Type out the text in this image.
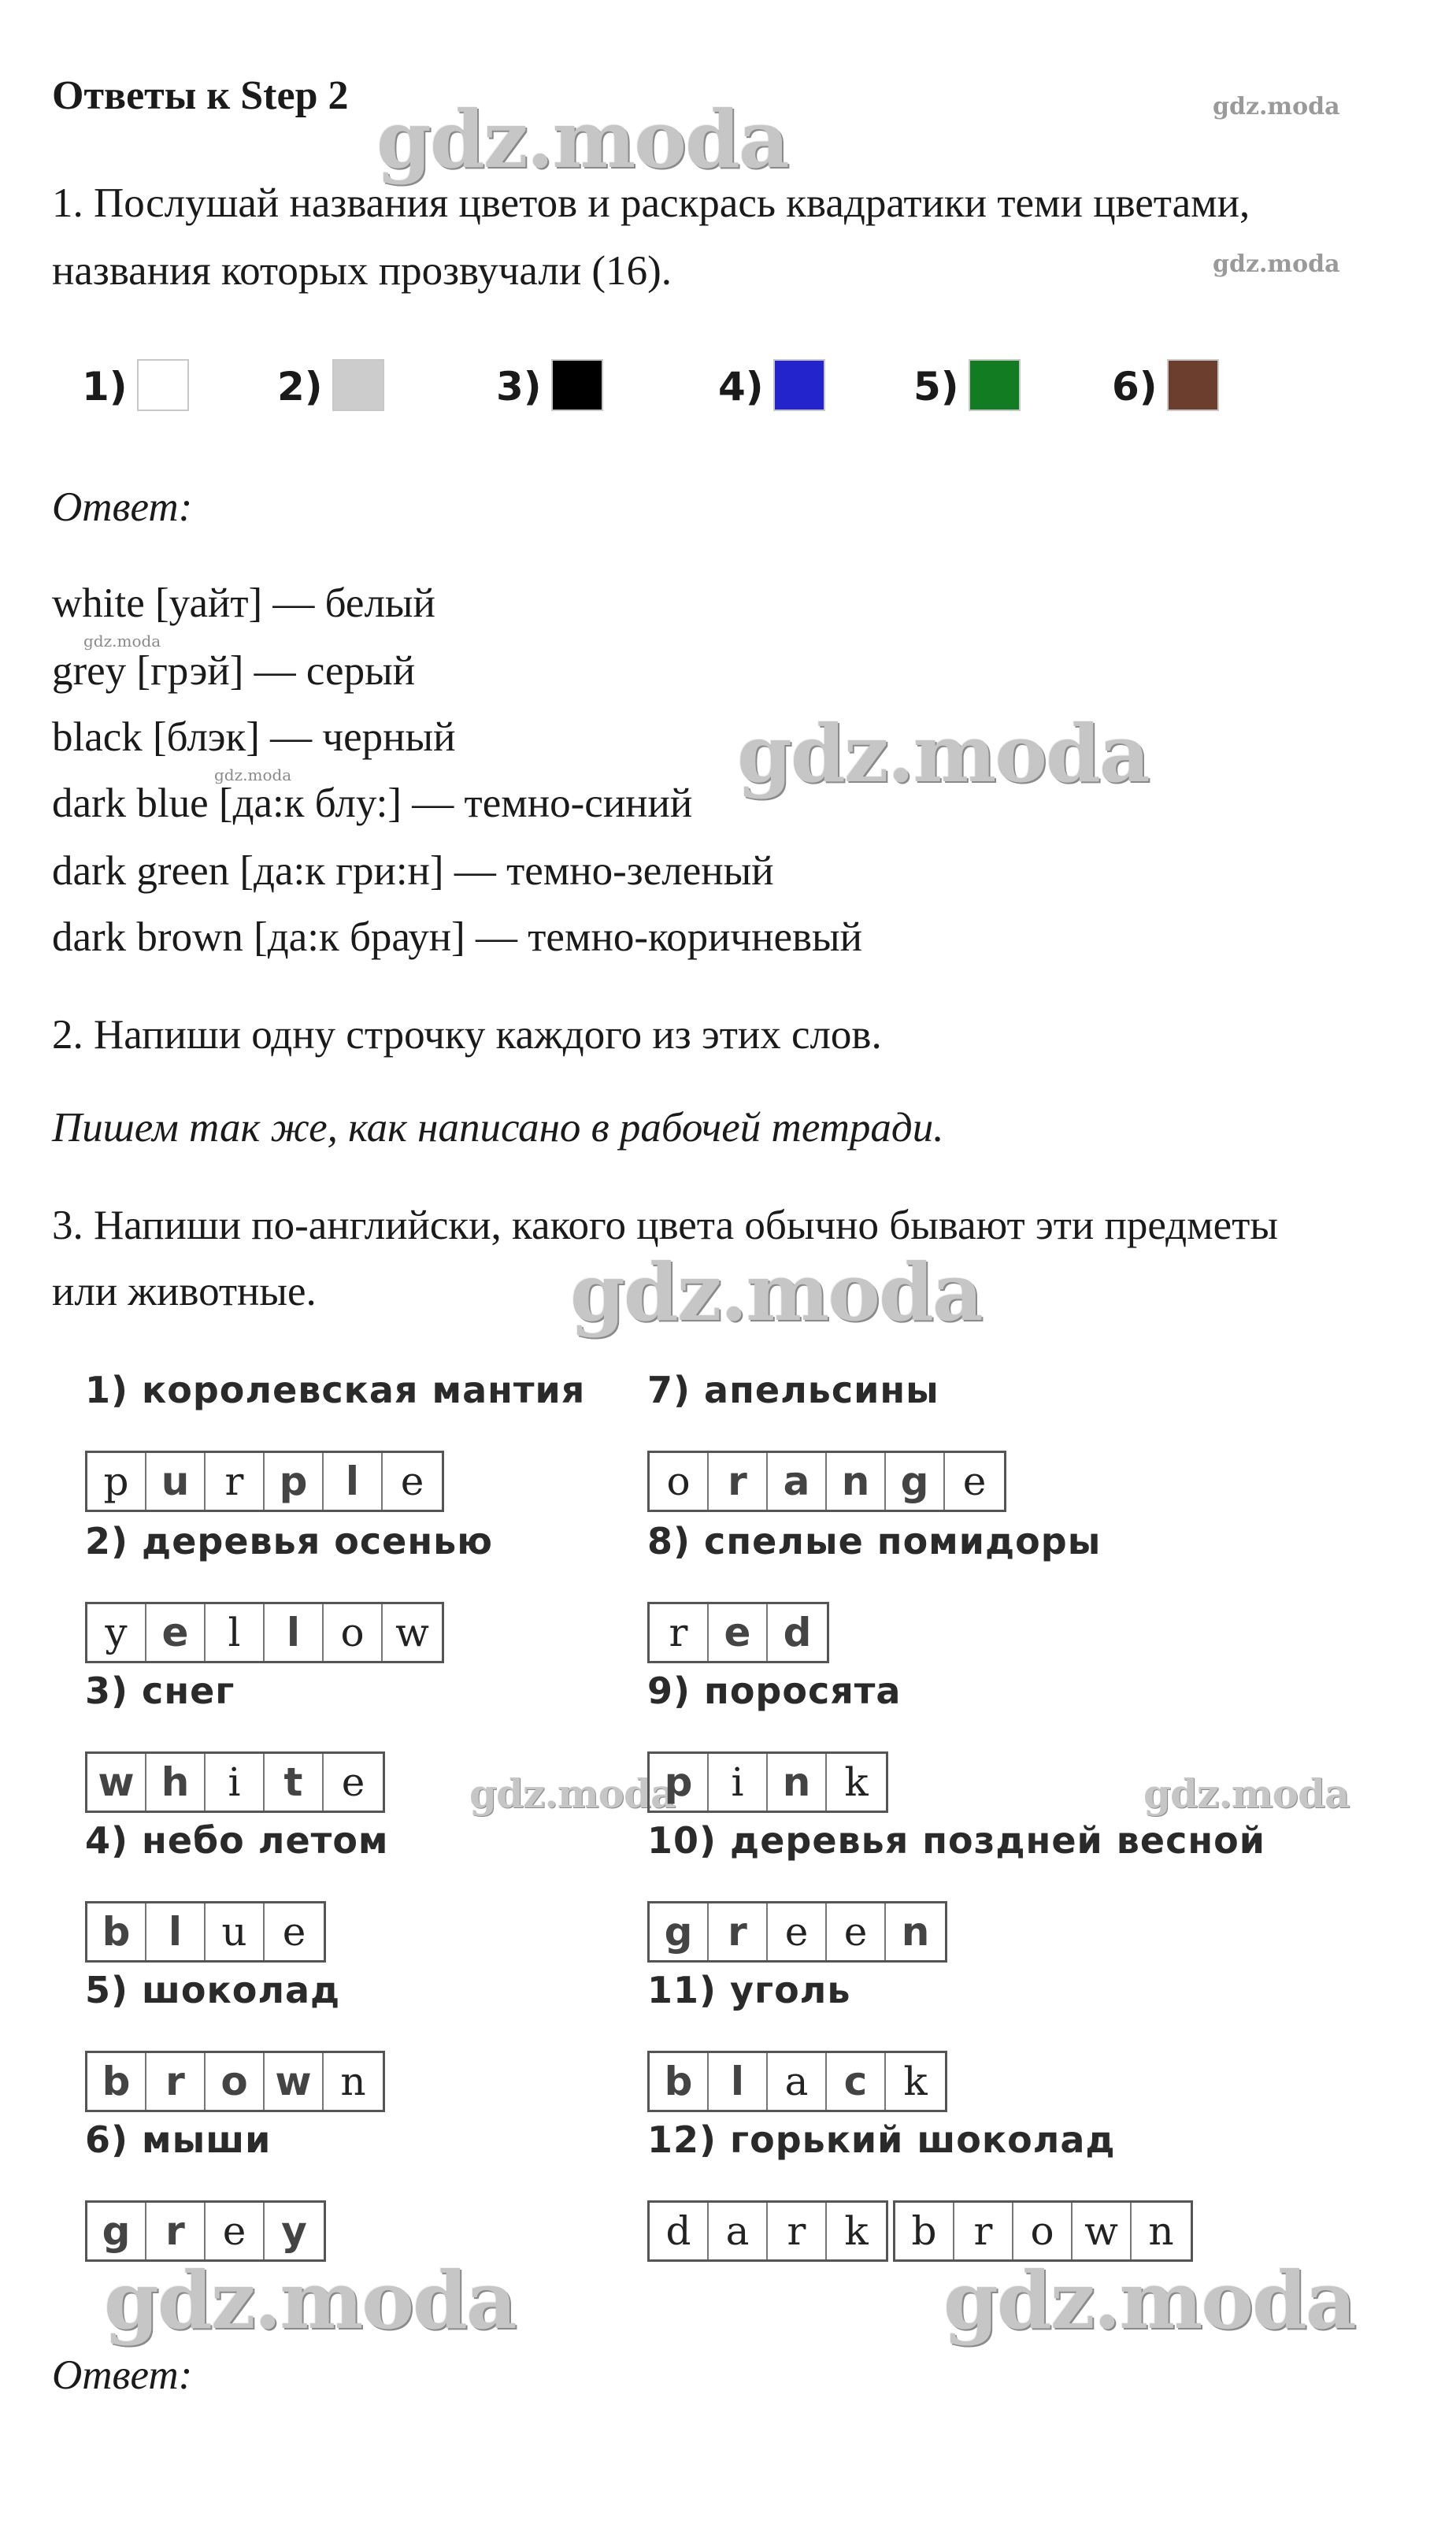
Ответы к Step 2 gdz.moda	gdz.moda
gdz.moda
gdz.moda
gdz.moda	gdz.moda
gdz.moda
gdz.moda	gdz.moda
gdz.moda	gdz.moda
1. Послушай названия цветов и раскрась квадратики теми цветами,
названия которых прозвучали (16).
1)	2)	3)	4)	5)	6)
Ответ:
white [уайт] — белый
grey [грэй] — серый
black [блэк] — черный
dark blue [да:к блу:] — темно-синий
dark green [да:к гри:н] — темно-зеленый
dark brown [да:к браун] — темно-коричневый
2. Напиши одну строчку каждого из этих слов.
Пишем так же, как написано в рабочей тетради.
3. Напиши по-английски, какого цвета обычно бывают эти предметы
или животные.
1) королевская мантия
p u r p l	e
2) деревья осенью
y e	l	l	o w
3) снег
w h i	t e
4) небо летом
b l	u e
5) шоколад
b r o w n
6) мыши
g r e y
7) апельсины
o r a n g e
8) спелые помидоры
r e d
9) поросята
p i n k
10) деревья поздней весной
g r e e n
11) уголь
b l	a c k
12) горький шоколад
d a r k	b r o w n
Ответ:
